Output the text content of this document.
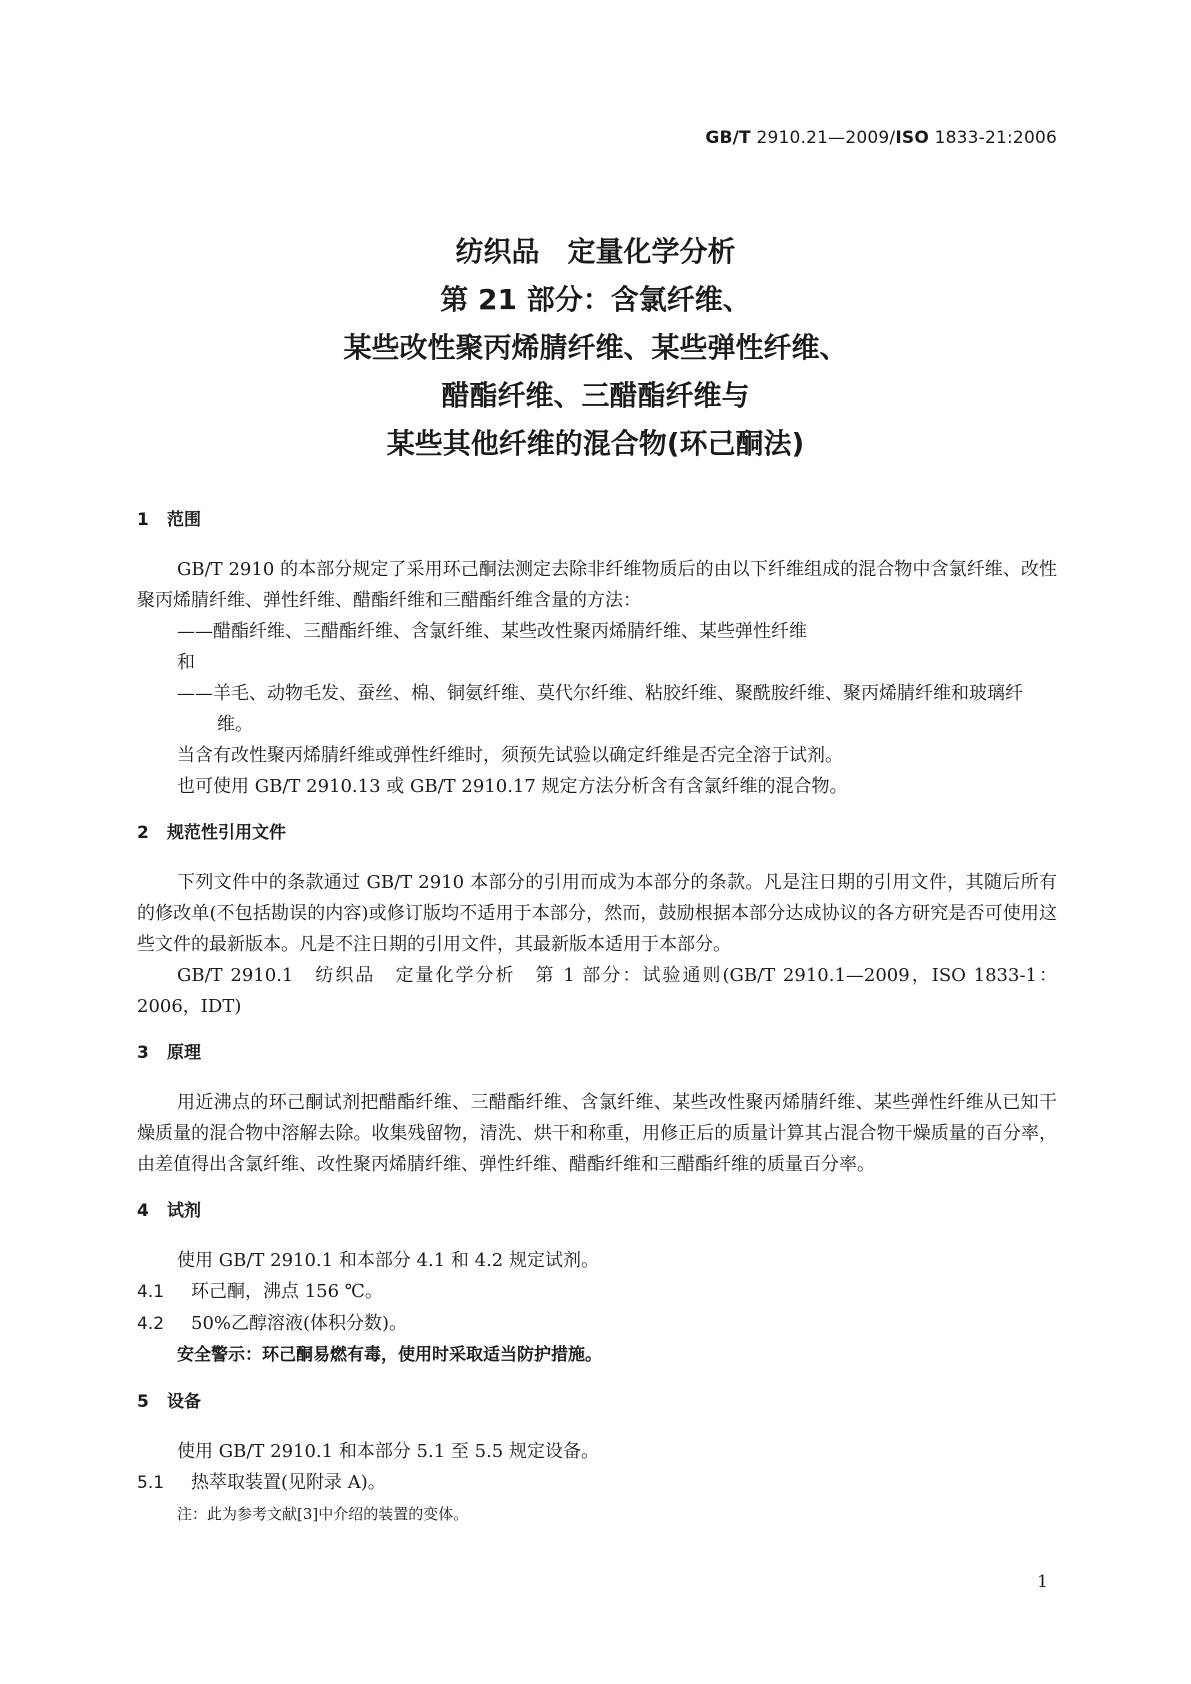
GB/T 2910.21—2009/ISO 1833-21:2006
纺织品　定量化学分析
第 21 部分：含氯纤维、
某些改性聚丙烯腈纤维、某些弹性纤维、
醋酯纤维、三醋酯纤维与
某些其他纤维的混合物(环己酮法)

1 范围

GB/T 2910 的本部分规定了采用环己酮法测定去除非纤维物质后的由以下纤维组成的混合物中含氯纤维、改性聚丙烯腈纤维、弹性纤维、醋酯纤维和三醋酯纤维含量的方法：

——醋酯纤维、三醋酯纤维、含氯纤维、某些改性聚丙烯腈纤维、某些弹性纤维

和

——羊毛、动物毛发、蚕丝、棉、铜氨纤维、莫代尔纤维、粘胶纤维、聚酰胺纤维、聚丙烯腈纤维和玻璃纤维。

当含有改性聚丙烯腈纤维或弹性纤维时，须预先试验以确定纤维是否完全溶于试剂。

也可使用 GB/T 2910.13 或 GB/T 2910.17 规定方法分析含有含氯纤维的混合物。

2 规范性引用文件

下列文件中的条款通过 GB/T 2910 本部分的引用而成为本部分的条款。凡是注日期的引用文件，其随后所有的修改单(不包括勘误的内容)或修订版均不适用于本部分，然而，鼓励根据本部分达成协议的各方研究是否可使用这些文件的最新版本。凡是不注日期的引用文件，其最新版本适用于本部分。

GB/T 2910.1　纺织品　定量化学分析　第 1 部分：试验通则(GB/T 2910.1—2009，ISO 1833-1：2006，IDT)

3 原理

用近沸点的环己酮试剂把醋酯纤维、三醋酯纤维、含氯纤维、某些改性聚丙烯腈纤维、某些弹性纤维从已知干燥质量的混合物中溶解去除。收集残留物，清洗、烘干和称重，用修正后的质量计算其占混合物干燥质量的百分率，由差值得出含氯纤维、改性聚丙烯腈纤维、弹性纤维、醋酯纤维和三醋酯纤维的质量百分率。

4 试剂

使用 GB/T 2910.1 和本部分 4.1 和 4.2 规定试剂。

4.1 环己酮，沸点 156 ℃。

4.2 50%乙醇溶液(体积分数)。

安全警示：环己酮易燃有毒，使用时采取适当防护措施。

5 设备

使用 GB/T 2910.1 和本部分 5.1 至 5.5 规定设备。

5.1 热萃取装置(见附录 A)。

注：此为参考文献[3]中介绍的装置的变体。

1
